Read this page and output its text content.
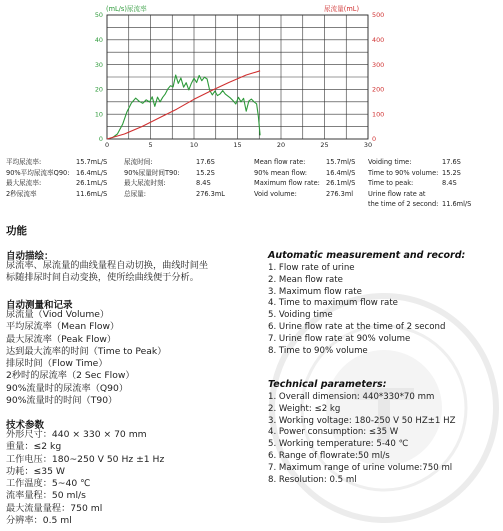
0	5	10	15	20	25	30
0
10
20
30
40
50
0
100
200
300
400
500
(mL/s)尿流率	尿流量(mL)
平均尿流率:	15.7mL/S	尿流时间:	17.6S
90%平均尿流率Q90: 16.4mL/S	90%尿量时间T90: 15.2S
最大尿流率:	26.1mL/S	最大尿流时刻:	8.4S
2秒尿流率	11.6mL/S	总尿量:	276.3mL
Mean flow rate:	15.7ml/S Voiding time:	17.6S
90% mean flow:	16.4ml/S Time to 90% volume: 15.2S
Maximum flow rate: 26.1ml/S Time to peak:	8.4S
Void volume:	276.3ml Urine flow rate at
the time of 2 second: 11.6ml/S
功能
自动描绘：
尿流率、尿流量的曲线量程自动切换，曲线时间坐
标随排尿时间自动变换，使所绘曲线便于分析。
自动测量和记录
尿流量（Viod Volume）
平均尿流率（Mean Flow）
最大尿流率（Peak Flow）
达到最大流率的时间（Time to Peak）
排尿时间（Flow Time）
2秒时的尿流率（2 Sec Flow）
90%流量时的尿流率（Q90）
90%流量时的时间（T90）
技术参数
外形尺寸：440 × 330 × 70 mm
重量：≤2 kg
工作电压：180~250 V 50 Hz ±1 Hz
功耗：≤35 W
工作温度：5~40 ℃
流率量程：50 ml/s
最大流量量程：750 ml
分辨率：0.5 ml
Automatic measurement and record:
1. Flow rate of urine
2. Mean flow rate
3. Maximum flow rate
4. Time to maximum flow rate
5. Voiding time
6. Urine flow rate at the time of 2 second
7. Urine flow rate at 90% volume
8. Time to 90% volume
Technical parameters:
1. Overall dimension: 440*330*70 mm
2. Weight: ≤2 kg
3. Working voltage: 180-250 V 50 HZ±1 HZ
4. Power consumption: ≤35 W
5. Working temperature: 5-40 ℃
6. Range of flowrate:50 ml/s
7. Maximum range of urine volume:750 ml
8. Resolution: 0.5 ml
